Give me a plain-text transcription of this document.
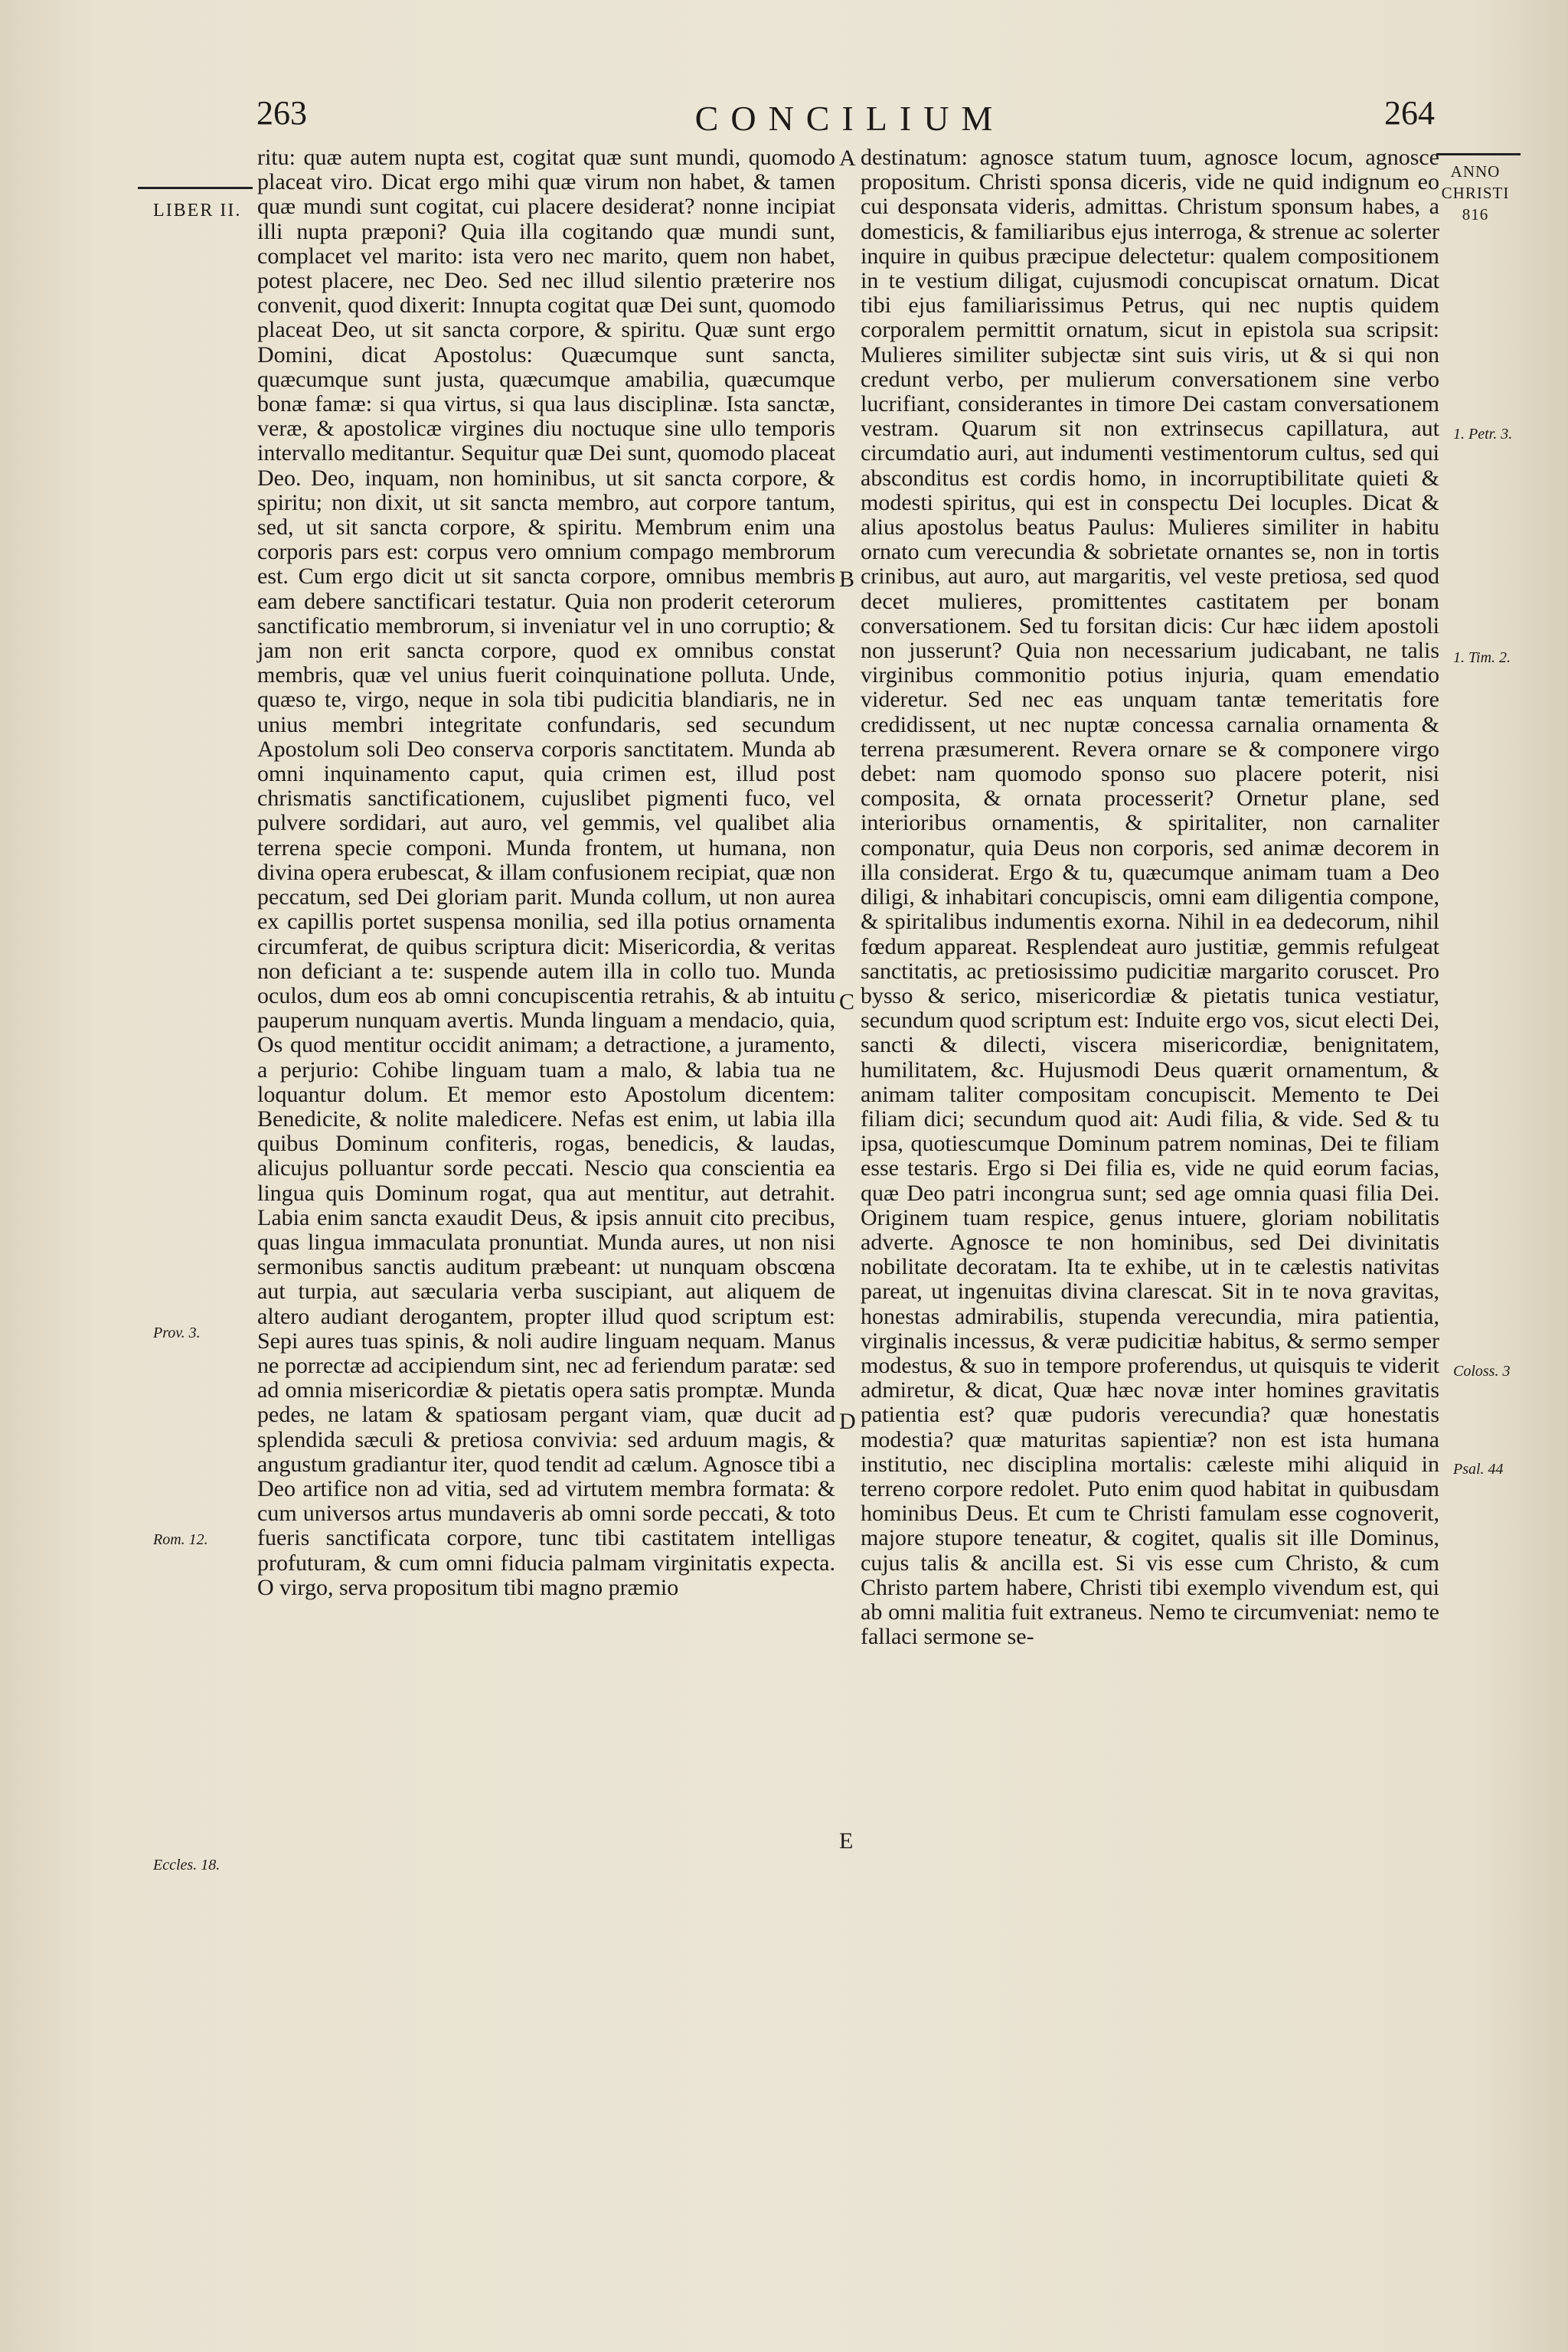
263	CONCILIUM	264
LIBER II.
ANNO CHRISTI 816

ritu: quæ autem nupta est, cogitat quæ sunt mundi, quomodo placeat viro. Dicat ergo mihi quæ virum non habet, & tamen quæ mundi sunt cogitat, cui placere desiderat? nonne incipiat illi nupta præponi? Quia illa cogitando quæ mundi sunt, complacet vel marito: ista vero nec marito, quem non habet, potest placere, nec Deo. Sed nec illud silentio præterire nos convenit, quod dixerit: Innupta cogitat quæ Dei sunt, quomodo placeat Deo, ut sit sancta corpore, & spiritu. Quæ sunt ergo Domini, dicat Apostolus: Quæcumque sunt sancta, quæcumque sunt justa, quæcumque amabilia, quæcumque bonæ famæ: si qua virtus, si qua laus disciplinæ. Ista sanctæ, veræ, & apostolicæ virgines diu noctuque sine ullo temporis intervallo meditantur. Sequitur quæ Dei sunt, quomodo placeat Deo. Deo, inquam, non hominibus, ut sit sancta corpore, & spiritu; non dixit, ut sit sancta membro, aut corpore tantum, sed, ut sit sancta corpore, & spiritu. Membrum enim una corporis pars est: corpus vero omnium compago membrorum est. Cum ergo dicit ut sit sancta corpore, omnibus membris eam debere sanctificari testatur. Quia non proderit ceterorum sanctificatio membrorum, si inveniatur vel in uno corruptio; & jam non erit sancta corpore, quod ex omnibus constat membris, quæ vel unius fuerit coinquinatione polluta. Unde, quæso te, virgo, neque in sola tibi pudicitia blandiaris, ne in unius membri integritate confundaris, sed secundum Apostolum soli Deo conserva corporis sanctitatem. Munda ab omni inquinamento caput, quia crimen est, illud post chrismatis sanctificationem, cujuslibet pigmenti fuco, vel pulvere sordidari, aut auro, vel gemmis, vel qualibet alia terrena specie componi. Munda frontem, ut humana, non divina opera erubescat, & illam confusionem recipiat, quæ non peccatum, sed Dei gloriam parit. Munda collum, ut non aurea ex capillis portet suspensa monilia, sed illa potius ornamenta circumferat, de quibus scriptura dicit: Misericordia, & veritas non deficiant a te: suspende autem illa in collo tuo. Munda oculos, dum eos ab omni concupiscentia retrahis, & ab intuitu pauperum nunquam avertis. Munda linguam a mendacio, quia, Os quod mentitur occidit animam; a detractione, a juramento, a perjurio: Cohibe linguam tuam a malo, & labia tua ne loquantur dolum. Et memor esto Apostolum dicentem: Benedicite, & nolite maledicere. Nefas est enim, ut labia illa quibus Dominum confiteris, rogas, benedicis, & laudas, alicujus polluantur sorde peccati. Nescio qua conscientia ea lingua quis Dominum rogat, qua aut mentitur, aut detrahit. Labia enim sancta exaudit Deus, & ipsis annuit cito precibus, quas lingua immaculata pronuntiat. Munda aures, ut non nisi sermonibus sanctis auditum præbeant: ut nunquam obscœna aut turpia, aut sæcularia verba suscipiant, aut aliquem de altero audiant derogantem, propter illud quod scriptum est: Sepi aures tuas spinis, & noli audire linguam nequam. Manus ne porrectæ ad accipiendum sint, nec ad feriendum paratæ: sed ad omnia misericordiæ & pietatis opera satis promptæ. Munda pedes, ne latam & spatiosam pergant viam, quæ ducit ad splendida sæculi & pretiosa convivia: sed arduum magis, & angustum gradiantur iter, quod tendit ad cælum. Agnosce tibi a Deo artifice non ad vitia, sed ad virtutem membra formata: & cum universos artus mundaveris ab omni sorde peccati, & toto fueris sanctificata corpore, tunc tibi castitatem intelligas profuturam, & cum omni fiducia palmam virginitatis expecta. O virgo, serva propositum tibi magno præmio

destinatum: agnosce statum tuum, agnosce locum, agnosce propositum. Christi sponsa diceris, vide ne quid indignum eo cui desponsata videris, admittas. Christum sponsum habes, a domesticis, & familiaribus ejus interroga, & strenue ac solerter inquire in quibus præcipue delectetur: qualem compositionem in te vestium diligat, cujusmodi concupiscat ornatum. Dicat tibi ejus familiarissimus Petrus, qui nec nuptis quidem corporalem permittit ornatum, sicut in epistola sua scripsit: Mulieres similiter subjectæ sint suis viris, ut & si qui non credunt verbo, per mulierum conversationem sine verbo lucrifiant, considerantes in timore Dei castam conversationem vestram. Quarum sit non extrinsecus capillatura, aut circumdatio auri, aut indumenti vestimentorum cultus, sed qui absconditus est cordis homo, in incorruptibilitate quieti & modesti spiritus, qui est in conspectu Dei locuples. Dicat & alius apostolus beatus Paulus: Mulieres similiter in habitu ornato cum verecundia & sobrietate ornantes se, non in tortis crinibus, aut auro, aut margaritis, vel veste pretiosa, sed quod decet mulieres, promittentes castitatem per bonam conversationem. Sed tu forsitan dicis: Cur hæc iidem apostoli non jusserunt? Quia non necessarium judicabant, ne talis virginibus commonitio potius injuria, quam emendatio videretur. Sed nec eas unquam tantæ temeritatis fore credidissent, ut nec nuptæ concessa carnalia ornamenta & terrena præsumerent. Revera ornare se & componere virgo debet: nam quomodo sponso suo placere poterit, nisi composita, & ornata processerit? Ornetur plane, sed interioribus ornamentis, & spiritaliter, non carnaliter componatur, quia Deus non corporis, sed animæ decorem in illa considerat. Ergo & tu, quæcumque animam tuam a Deo diligi, & inhabitari concupiscis, omni eam diligentia compone, & spiritalibus indumentis exorna. Nihil in ea dedecorum, nihil fœdum appareat. Resplendeat auro justitiæ, gemmis refulgeat sanctitatis, ac pretiosissimo pudicitiæ margarito coruscet. Pro bysso & serico, misericordiæ & pietatis tunica vestiatur, secundum quod scriptum est: Induite ergo vos, sicut electi Dei, sancti & dilecti, viscera misericordiæ, benignitatem, humilitatem, &c. Hujusmodi Deus quærit ornamentum, & animam taliter compositam concupiscit. Memento te Dei filiam dici; secundum quod ait: Audi filia, & vide. Sed & tu ipsa, quotiescumque Dominum patrem nominas, Dei te filiam esse testaris. Ergo si Dei filia es, vide ne quid eorum facias, quæ Deo patri incongrua sunt; sed age omnia quasi filia Dei. Originem tuam respice, genus intuere, gloriam nobilitatis adverte. Agnosce te non hominibus, sed Dei divinitatis nobilitate decoratam. Ita te exhibe, ut in te cælestis nativitas pareat, ut ingenuitas divina clarescat. Sit in te nova gravitas, honestas admirabilis, stupenda verecundia, mira patientia, virginalis incessus, & veræ pudicitiæ habitus, & sermo semper modestus, & suo in tempore proferendus, ut quisquis te viderit admiretur, & dicat, Quæ hæc novæ inter homines gravitatis patientia est? quæ pudoris verecundia? quæ honestatis modestia? quæ maturitas sapientiæ? non est ista humana institutio, nec disciplina mortalis: cæleste mihi aliquid in terreno corpore redolet. Puto enim quod habitat in quibusdam hominibus Deus. Et cum te Christi famulam esse cognoverit, majore stupore teneatur, & cogitet, qualis sit ille Dominus, cujus talis & ancilla est. Si vis esse cum Christo, & cum Christo partem habere, Christi tibi exemplo vivendum est, qui ab omni malitia fuit extraneus. Nemo te circumveniat: nemo te fallaci sermone se-

A
B
C
D
E
Prov. 3.
Rom. 12.
Eccles. 18.
1. Petr. 3.
1. Tim. 2.
Coloss. 3
Psal. 44
